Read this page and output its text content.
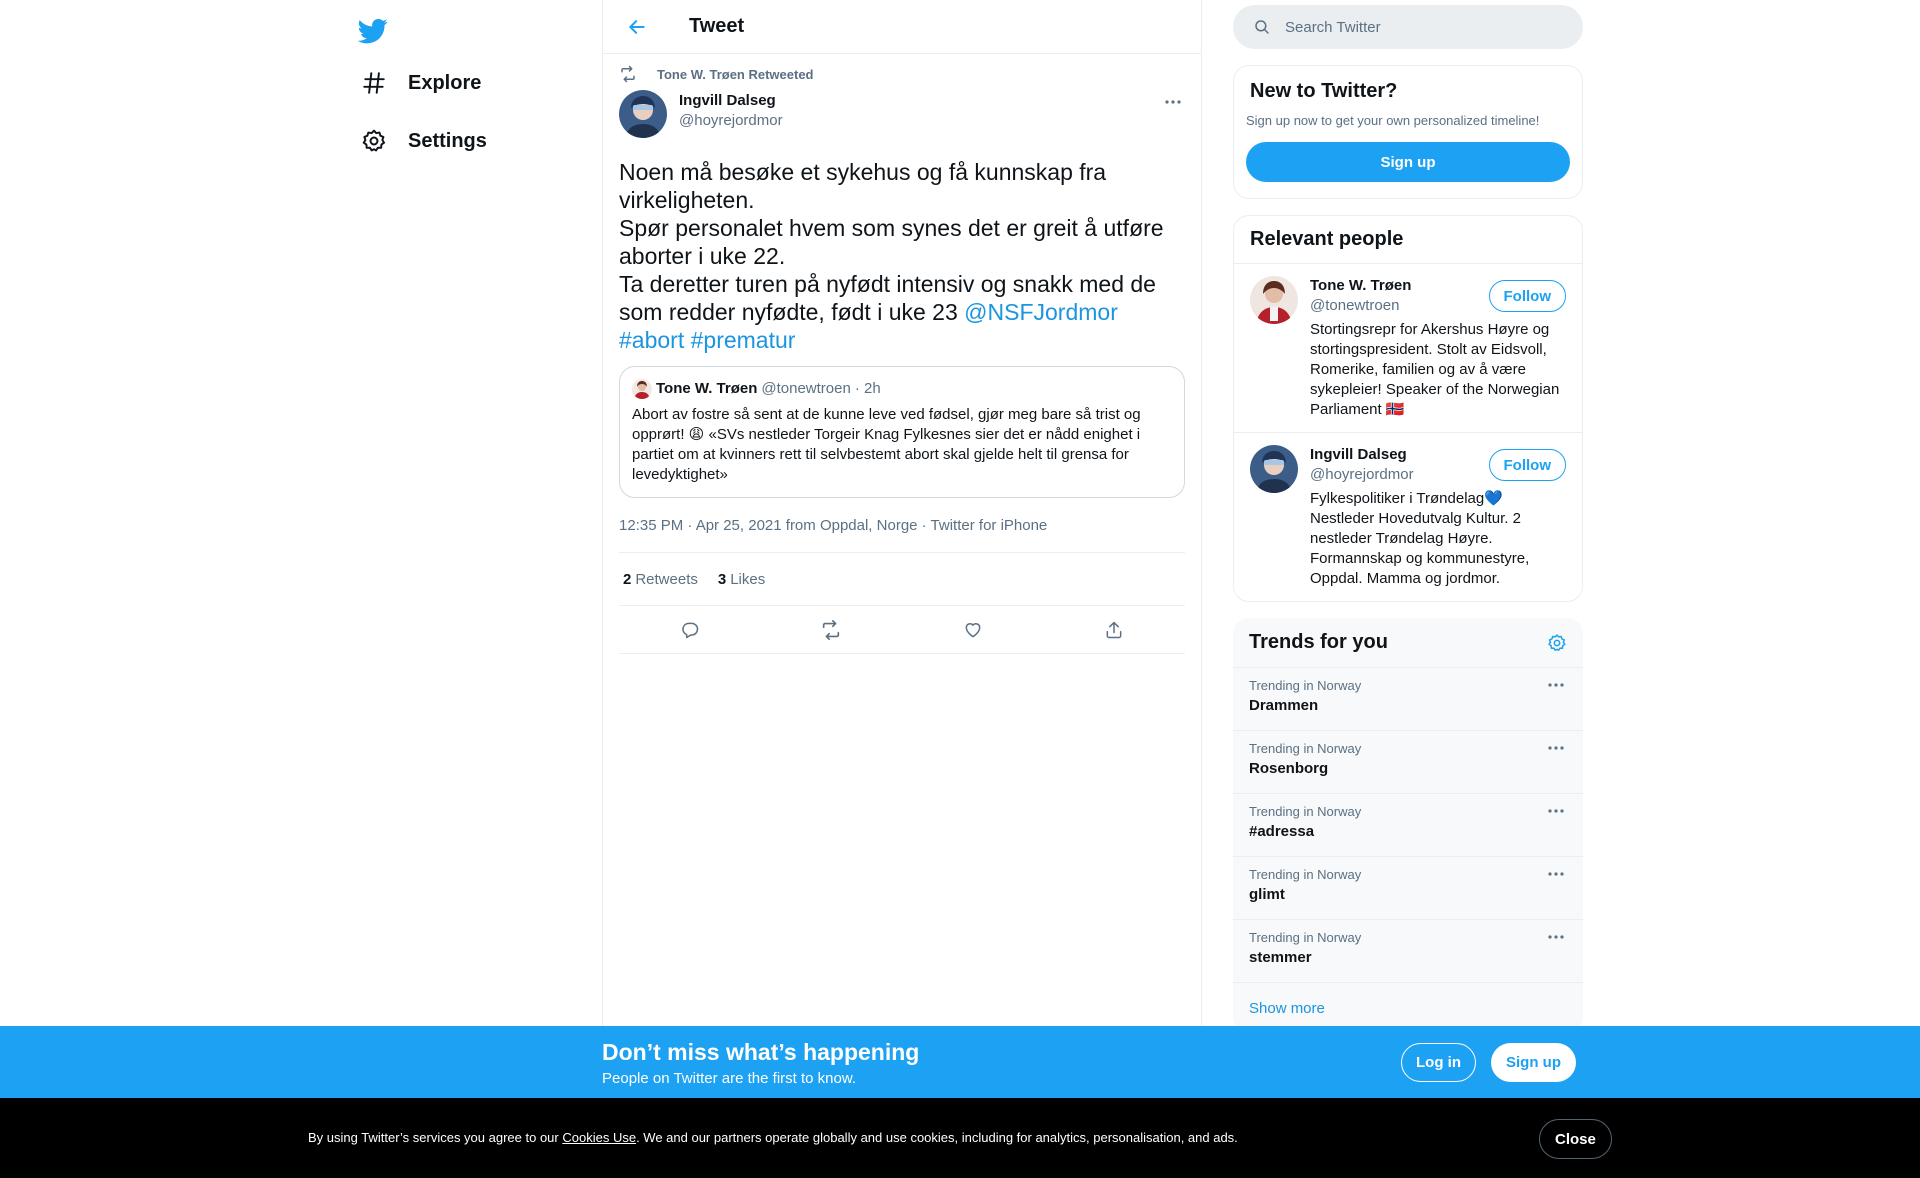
Explore
Settings
Tweet
Tone W. Trøen Retweeted
Ingvill Dalseg
@hoyrejordmor
Noen må besøke et sykehus og få kunnskap fra virkeligheten.
Spør personalet hvem som synes det er greit å utføre aborter i uke 22.
Ta deretter turen på nyfødt intensiv og snakk med de som redder nyfødte, født i uke 23 @NSFJordmor
#abort #prematur
Tone W. Trøen @tonewtroen · 2h
Abort av fostre så sent at de kunne leve ved fødsel, gjør meg bare så trist og opprørt! 😩 «SVs nestleder Torgeir Knag Fylkesnes sier det er nådd enighet i partiet om at kvinners rett til selvbestemt abort skal gjelde helt til grensa for levedyktighet»
12:35 PM · Apr 25, 2021 from Oppdal, Norge · Twitter for iPhone
2 Retweets 3 Likes
Search Twitter
New to Twitter?

Sign up now to get your own personalized timeline!

Sign up
Relevant people
Tone W. Trøen
@tonewtroen
Stortingsrepr for Akershus Høyre og stortingspresident. Stolt av Eidsvoll, Romerike, familien og av å være sykepleier! Speaker of the Norwegian Parliament 🇳🇴
Follow
Ingvill Dalseg
@hoyrejordmor
Fylkespolitiker i Trøndelag💙 Nestleder Hovedutvalg Kultur. 2 nestleder Trøndelag Høyre. Formannskap og kommunestyre, Oppdal. Mamma og jordmor.
Follow
Trends for you
Trending in Norway
Drammen
Trending in Norway
Rosenborg
Trending in Norway
#adressa
Trending in Norway
glimt
Trending in Norway
stemmer
Show more
Don’t miss what’s happening
People on Twitter are the first to know.
Log in	Sign up
By using Twitter’s services you agree to our Cookies Use. We and our partners operate globally and use cookies, including for analytics, personalisation, and ads.	Close
